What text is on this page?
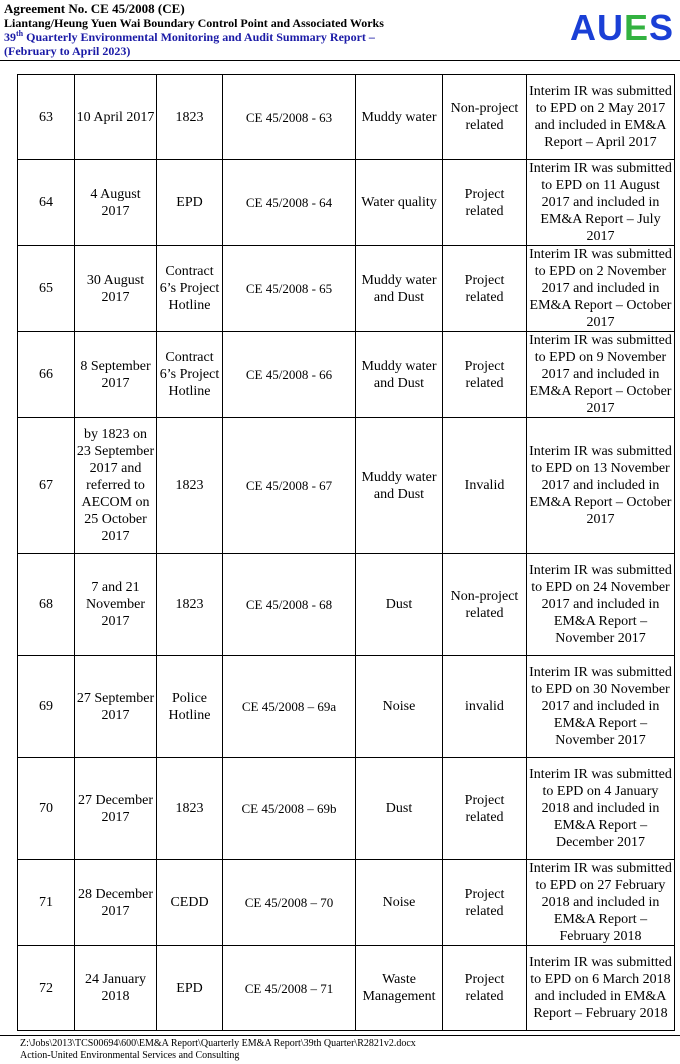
Agreement No. CE 45/2008 (CE)
Liantang/Heung Yuen Wai Boundary Control Point and Associated Works
39th Quarterly Environmental Monitoring and Audit Summary Report –
(February to April 2023)
AUES
63	10 April 2017	1823	CE 45/2008 - 63	Muddy water	Non-project related	Interim IR was submitted to EPD on 2 May 2017 and included in EM&A Report – April 2017
64	4 August 2017	EPD	CE 45/2008 - 64	Water quality	Project related	Interim IR was submitted to EPD on 11 August 2017 and included in EM&A Report – July 2017
65	30 August 2017	Contract 6’s Project Hotline	CE 45/2008 - 65	Muddy water and Dust	Project related	Interim IR was submitted to EPD on 2 November 2017 and included in EM&A Report – October 2017
66	8 September 2017	Contract 6’s Project Hotline	CE 45/2008 - 66	Muddy water and Dust	Project related	Interim IR was submitted to EPD on 9 November 2017 and included in EM&A Report – October 2017
67	by 1823 on 23 September 2017 and referred to AECOM on 25 October 2017	1823	CE 45/2008 - 67	Muddy water and Dust	Invalid	Interim IR was submitted to EPD on 13 November 2017 and included in EM&A Report – October 2017
68	7 and 21 November 2017	1823	CE 45/2008 - 68	Dust	Non-project related	Interim IR was submitted to EPD on 24 November 2017 and included in EM&A Report – November 2017
69	27 September 2017	Police Hotline	CE 45/2008 – 69a	Noise	invalid	Interim IR was submitted to EPD on 30 November 2017 and included in EM&A Report – November 2017
70	27 December 2017	1823	CE 45/2008 – 69b	Dust	Project related	Interim IR was submitted to EPD on 4 January 2018 and included in EM&A Report – December 2017
71	28 December 2017	CEDD	CE 45/2008 – 70	Noise	Project related	Interim IR was submitted to EPD on 27 February 2018 and included in EM&A Report – February 2018
72	24 January 2018	EPD	CE 45/2008 – 71	Waste Management	Project related	Interim IR was submitted to EPD on 6 March 2018 and included in EM&A Report – February 2018
Z:\Jobs\2013\TCS00694\600\EM&A Report\Quarterly EM&A Report\39th Quarter\R2821v2.docx
Action-United Environmental Services and Consulting
